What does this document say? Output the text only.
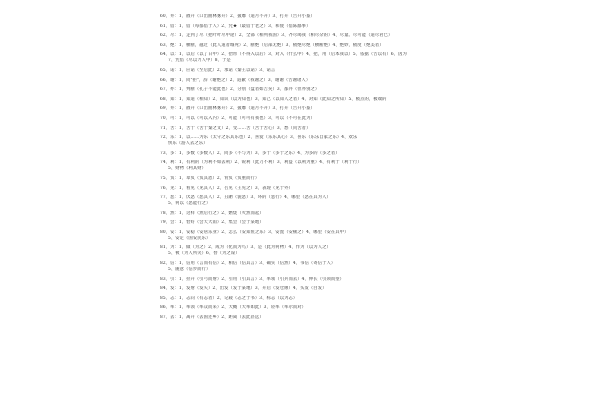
60、井：1、散开（口出曲林雾开）2、披靡（道月不开）3、打开（告升小篆）
61、借：1、借（每都借于人）2、凭★（最借于老之）3、和使（借陈鄙事）
62、尽：1、走到了尽（把叶叶尽中途）2、全部（相列我国）3、齐尽竭我（相尽杂的）4、尽量。尽可能（道尽君已）
63、绝：1、横断，越过（此人道者城死）2、断绝（后部无绝）3、极绝尽绝（横断绝）4、绝妙，极度（绝美者）
64、以：1、以后（以了日中）2、拾带（不得入以后）3、对入（什么中）4、把，用（后本我以）5、依据（告以有）6、因为
7、凭借（尽以力人中）8、于是
65、诺：1、应诺（至后此）2、承诺（秦王以诺）3、诺言
66、谢：1、同"拒"，辞（谢绝之）2、道歉（我谢之）3、谢谢（告谢诸人）
67、亦：1、判断（孔子不能此也）2、分别（盘者如吉矣）3、都并（但亦别之）
68、知：1、知道（相知）2、知识（以为知也）3、知己（以知人之者）4、对知（此知之所知）5、极点的，极端的
69、井：1、散开（口出曲林雾开）2、披靡（道月不开）3、打开（告升小篆）
70、可：1、可以（可以入内）2、可能（可可有我也）3、可以（不可在此为）
71、苦：1、苦于（苦于秦之文）2、受……苦（苦于苦心）3、愁（问苦者）
72、乐：1、以……为乐（太守之乐其乐也）2、喜爱（乐乐其心）3、喜乐（乐乐自家之乐）4、欢乐
快乐（游人去之乐）
73、多：1、多数（多数人）2、同多（不与为）3、多于（多于之乐）4、为多的（多之者）
74、利：1、有利的（为利不如去利）2、锐利（此刀不利）3、利益（以利为重）4、有利于（利于行）
5、财物（利其财）
75、负：1、辜负（负其恩）2、背负（负重而行）
76、见：1、看见（见其人）2、召见（王见之）3、表现（见于外）
77、恶：1、厌恶（恶其人）2、丑陋（貌恶）3、坏的（恶行）4、哪里（恶在其为人）
5、何以（恶能行之）
78、然：1、这样（然后行之）2、燃烧（火然而起）
79、会：1、恰好（会天大雨）2、集会（会于某地）
80、安：1、安稳（安居乐业）2、怎么（安知鱼之乐）3、安置（安顿之）4、哪里（安在其中）
5、安定（国安民乐）
81、为：1、做（为之）2、成为（化而为鸟）3、是（此为何物）4、作为（以为人之）
5、被（为人所笑）6、替（为之谋）
82、信：1、信用（言而有信）2、相信（信其言）3、确实（信然）4、书信（寄信于人）
5、随意（信步而行）
83、引：1、拉开（引弓而射）2、引用（引其言）3、率领（引兵而去）4、伸长（引颈而望）
84、发：1、发射（发矢）2、出发（发于某地）3、开启（发仓廪）4、头发（白发）
85、志：1、志向（有志者）2、记载（志之于书）3、标志（以为志）
86、率：1、率领（率众而来）2、大概（大率如此）3、轻率（率尔而对）
87、去：1、离开（去国还乡）2、距离（去此甚远）
